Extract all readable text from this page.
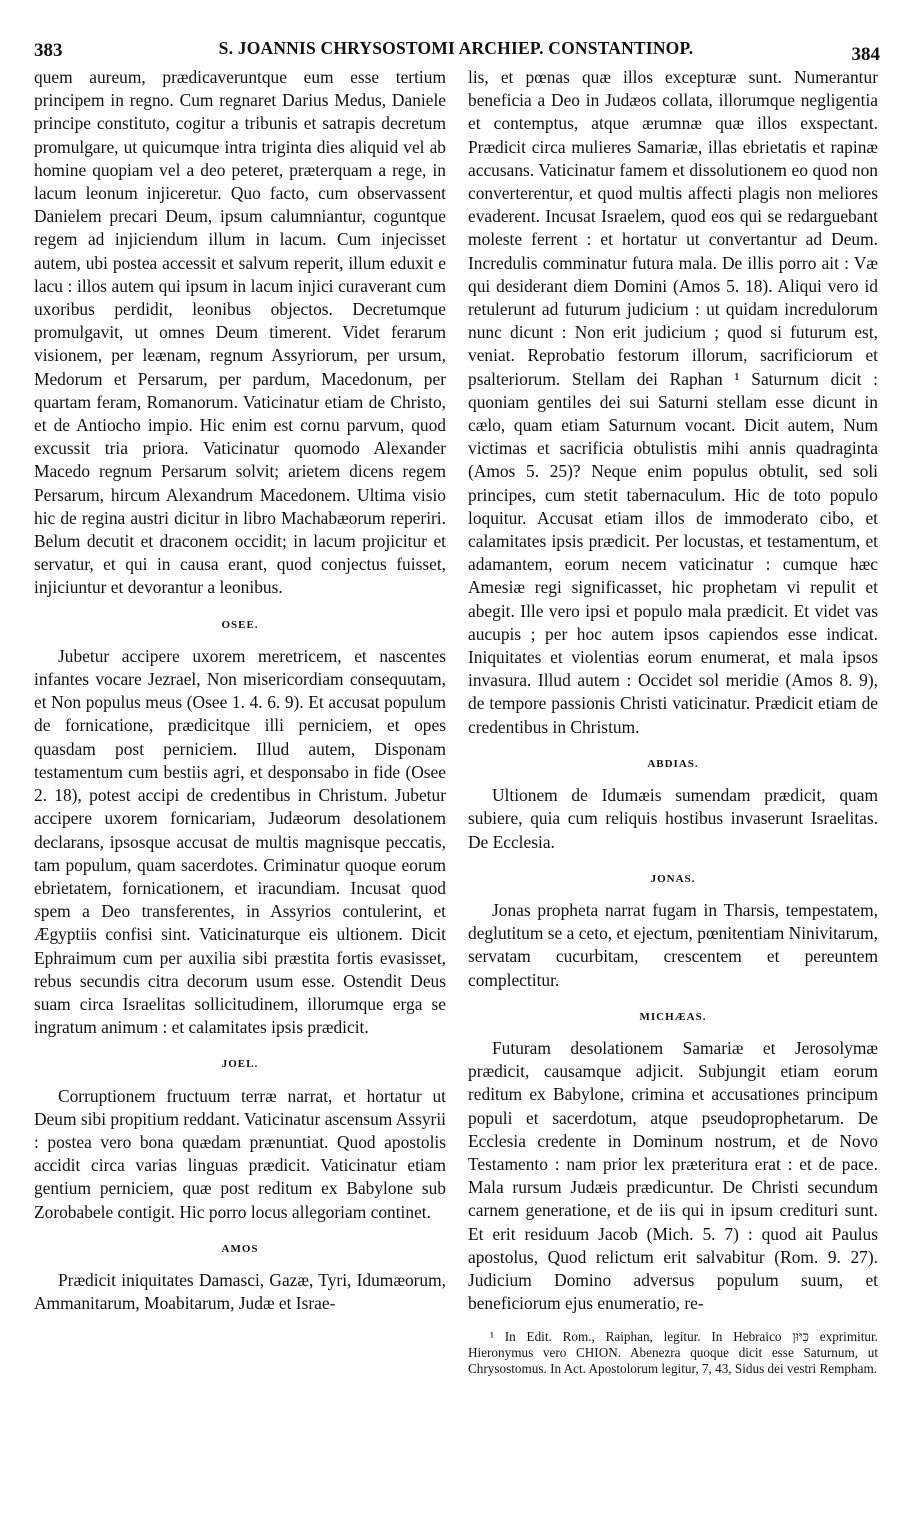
383	S. JOANNIS CHRYSOSTOMI ARCHIEP. CONSTANTINOP.	384

quem aureum, prædicaveruntque eum esse tertium principem in regno. Cum regnaret Darius Medus, Daniele principe constituto, cogitur a tribunis et satrapis decretum promulgare, ut quicumque intra triginta dies aliquid vel ab homine quopiam vel a deo peteret, præterquam a rege, in lacum leonum injiceretur. Quo facto, cum observassent Danielem precari Deum, ipsum calumniantur, coguntque regem ad injiciendum illum in lacum. Cum injecisset autem, ubi postea accessit et salvum reperit, illum eduxit e lacu : illos autem qui ipsum in lacum injici curaverant cum uxoribus perdidit, leonibus objectos. Decretumque promulgavit, ut omnes Deum timerent. Videt ferarum visionem, per leænam, regnum Assyriorum, per ursum, Medorum et Persarum, per pardum, Macedonum, per quartam feram, Romanorum. Vaticinatur etiam de Christo, et de Antiocho impio. Hic enim est cornu parvum, quod excussit tria priora. Vaticinatur quomodo Alexander Macedo regnum Persarum solvit; arietem dicens regem Persarum, hircum Alexandrum Macedonem. Ultima visio hic de regina austri dicitur in libro Machabæorum reperiri. Belum decutit et draconem occidit; in lacum projicitur et servatur, et qui in causa erant, quod conjectus fuisset, injiciuntur et devorantur a leonibus.

OSEE.

Jubetur accipere uxorem meretricem, et nascentes infantes vocare Jezrael, Non misericordiam consequutam, et Non populus meus (Osee 1. 4. 6. 9). Et accusat populum de fornicatione, prædicitque illi perniciem, et opes quasdam post perniciem. Illud autem, Disponam testamentum cum bestiis agri, et desponsabo in fide (Osee 2. 18), potest accipi de credentibus in Christum. Jubetur accipere uxorem fornicariam, Judæorum desolationem declarans, ipsosque accusat de multis magnisque peccatis, tam populum, quam sacerdotes. Criminatur quoque eorum ebrietatem, fornicationem, et iracundiam. Incusat quod spem a Deo transferentes, in Assyrios contulerint, et Ægyptiis confisi sint. Vaticinaturque eis ultionem. Dicit Ephraimum cum per auxilia sibi præstita fortis evasisset, rebus secundis citra decorum usum esse. Ostendit Deus suam circa Israelitas sollicitudinem, illorumque erga se ingratum animum : et calamitates ipsis prædicit.

JOEL.

Corruptionem fructuum terræ narrat, et hortatur ut Deum sibi propitium reddant. Vaticinatur ascensum Assyrii : postea vero bona quædam prænuntiat. Quod apostolis accidit circa varias linguas prædicit. Vaticinatur etiam gentium perniciem, quæ post reditum ex Babylone sub Zorobabele contigit. Hic porro locus allegoriam continet.

AMOS

Prædicit iniquitates Damasci, Gazæ, Tyri, Idumæorum, Ammanitarum, Moabitarum, Judæ et Israe-

lis, et pœnas quæ illos excepturæ sunt. Numerantur beneficia a Deo in Judæos collata, illorumque negligentia et contemptus, atque ærumnæ quæ illos exspectant. Prædicit circa mulieres Samariæ, illas ebrietatis et rapinæ accusans. Vaticinatur famem et dissolutionem eo quod non converterentur, et quod multis affecti plagis non meliores evaderent. Incusat Israelem, quod eos qui se redarguebant moleste ferrent : et hortatur ut convertantur ad Deum. Incredulis comminatur futura mala. De illis porro ait : Væ qui desiderant diem Domini (Amos 5. 18). Aliqui vero id retulerunt ad futurum judicium : ut quidam incredulorum nunc dicunt : Non erit judicium ; quod si futurum est, veniat. Reprobatio festorum illorum, sacrificiorum et psalteriorum. Stellam dei Raphan ¹ Saturnum dicit : quoniam gentiles dei sui Saturni stellam esse dicunt in cælo, quam etiam Saturnum vocant. Dicit autem, Num victimas et sacrificia obtulistis mihi annis quadraginta (Amos 5. 25)? Neque enim populus obtulit, sed soli principes, cum stetit tabernaculum. Hic de toto populo loquitur. Accusat etiam illos de immoderato cibo, et calamitates ipsis prædicit. Per locustas, et testamentum, et adamantem, eorum necem vaticinatur : cumque hæc Amesiæ regi significasset, hic prophetam vi repulit et abegit. Ille vero ipsi et populo mala prædicit. Et videt vas aucupis ; per hoc autem ipsos capiendos esse indicat. Iniquitates et violentias eorum enumerat, et mala ipsos invasura. Illud autem : Occidet sol meridie (Amos 8. 9), de tempore passionis Christi vaticinatur. Prædicit etiam de credentibus in Christum.

ABDIAS.

Ultionem de Idumæis sumendam prædicit, quam subiere, quia cum reliquis hostibus invaserunt Israelitas. De Ecclesia.

JONAS.

Jonas propheta narrat fugam in Tharsis, tempestatem, deglutitum se a ceto, et ejectum, pœnitentiam Ninivitarum, servatam cucurbitam, crescentem et pereuntem complectitur.

MICHÆAS.

Futuram desolationem Samariæ et Jerosolymæ prædicit, causamque adjicit. Subjungit etiam eorum reditum ex Babylone, crimina et accusationes principum populi et sacerdotum, atque pseudoprophetarum. De Ecclesia credente in Dominum nostrum, et de Novo Testamento : nam prior lex præteritura erat : et de pace. Mala rursum Judæis prædicuntur. De Christi secundum carnem generatione, et de iis qui in ipsum credituri sunt. Et erit residuum Jacob (Mich. 5. 7) : quod ait Paulus apostolus, Quod relictum erit salvabitur (Rom. 9. 27). Judicium Domino adversus populum suum, et beneficiorum ejus enumeratio, re-

¹ In Edit. Rom., Raiphan, legitur. In Hebraico כִּיּוּן exprimitur. Hieronymus vero CHION. Abenezra quoque dicit esse Saturnum, ut Chrysostomus. In Act. Apostolorum legitur, 7, 43, Sidus dei vestri Rempham.
